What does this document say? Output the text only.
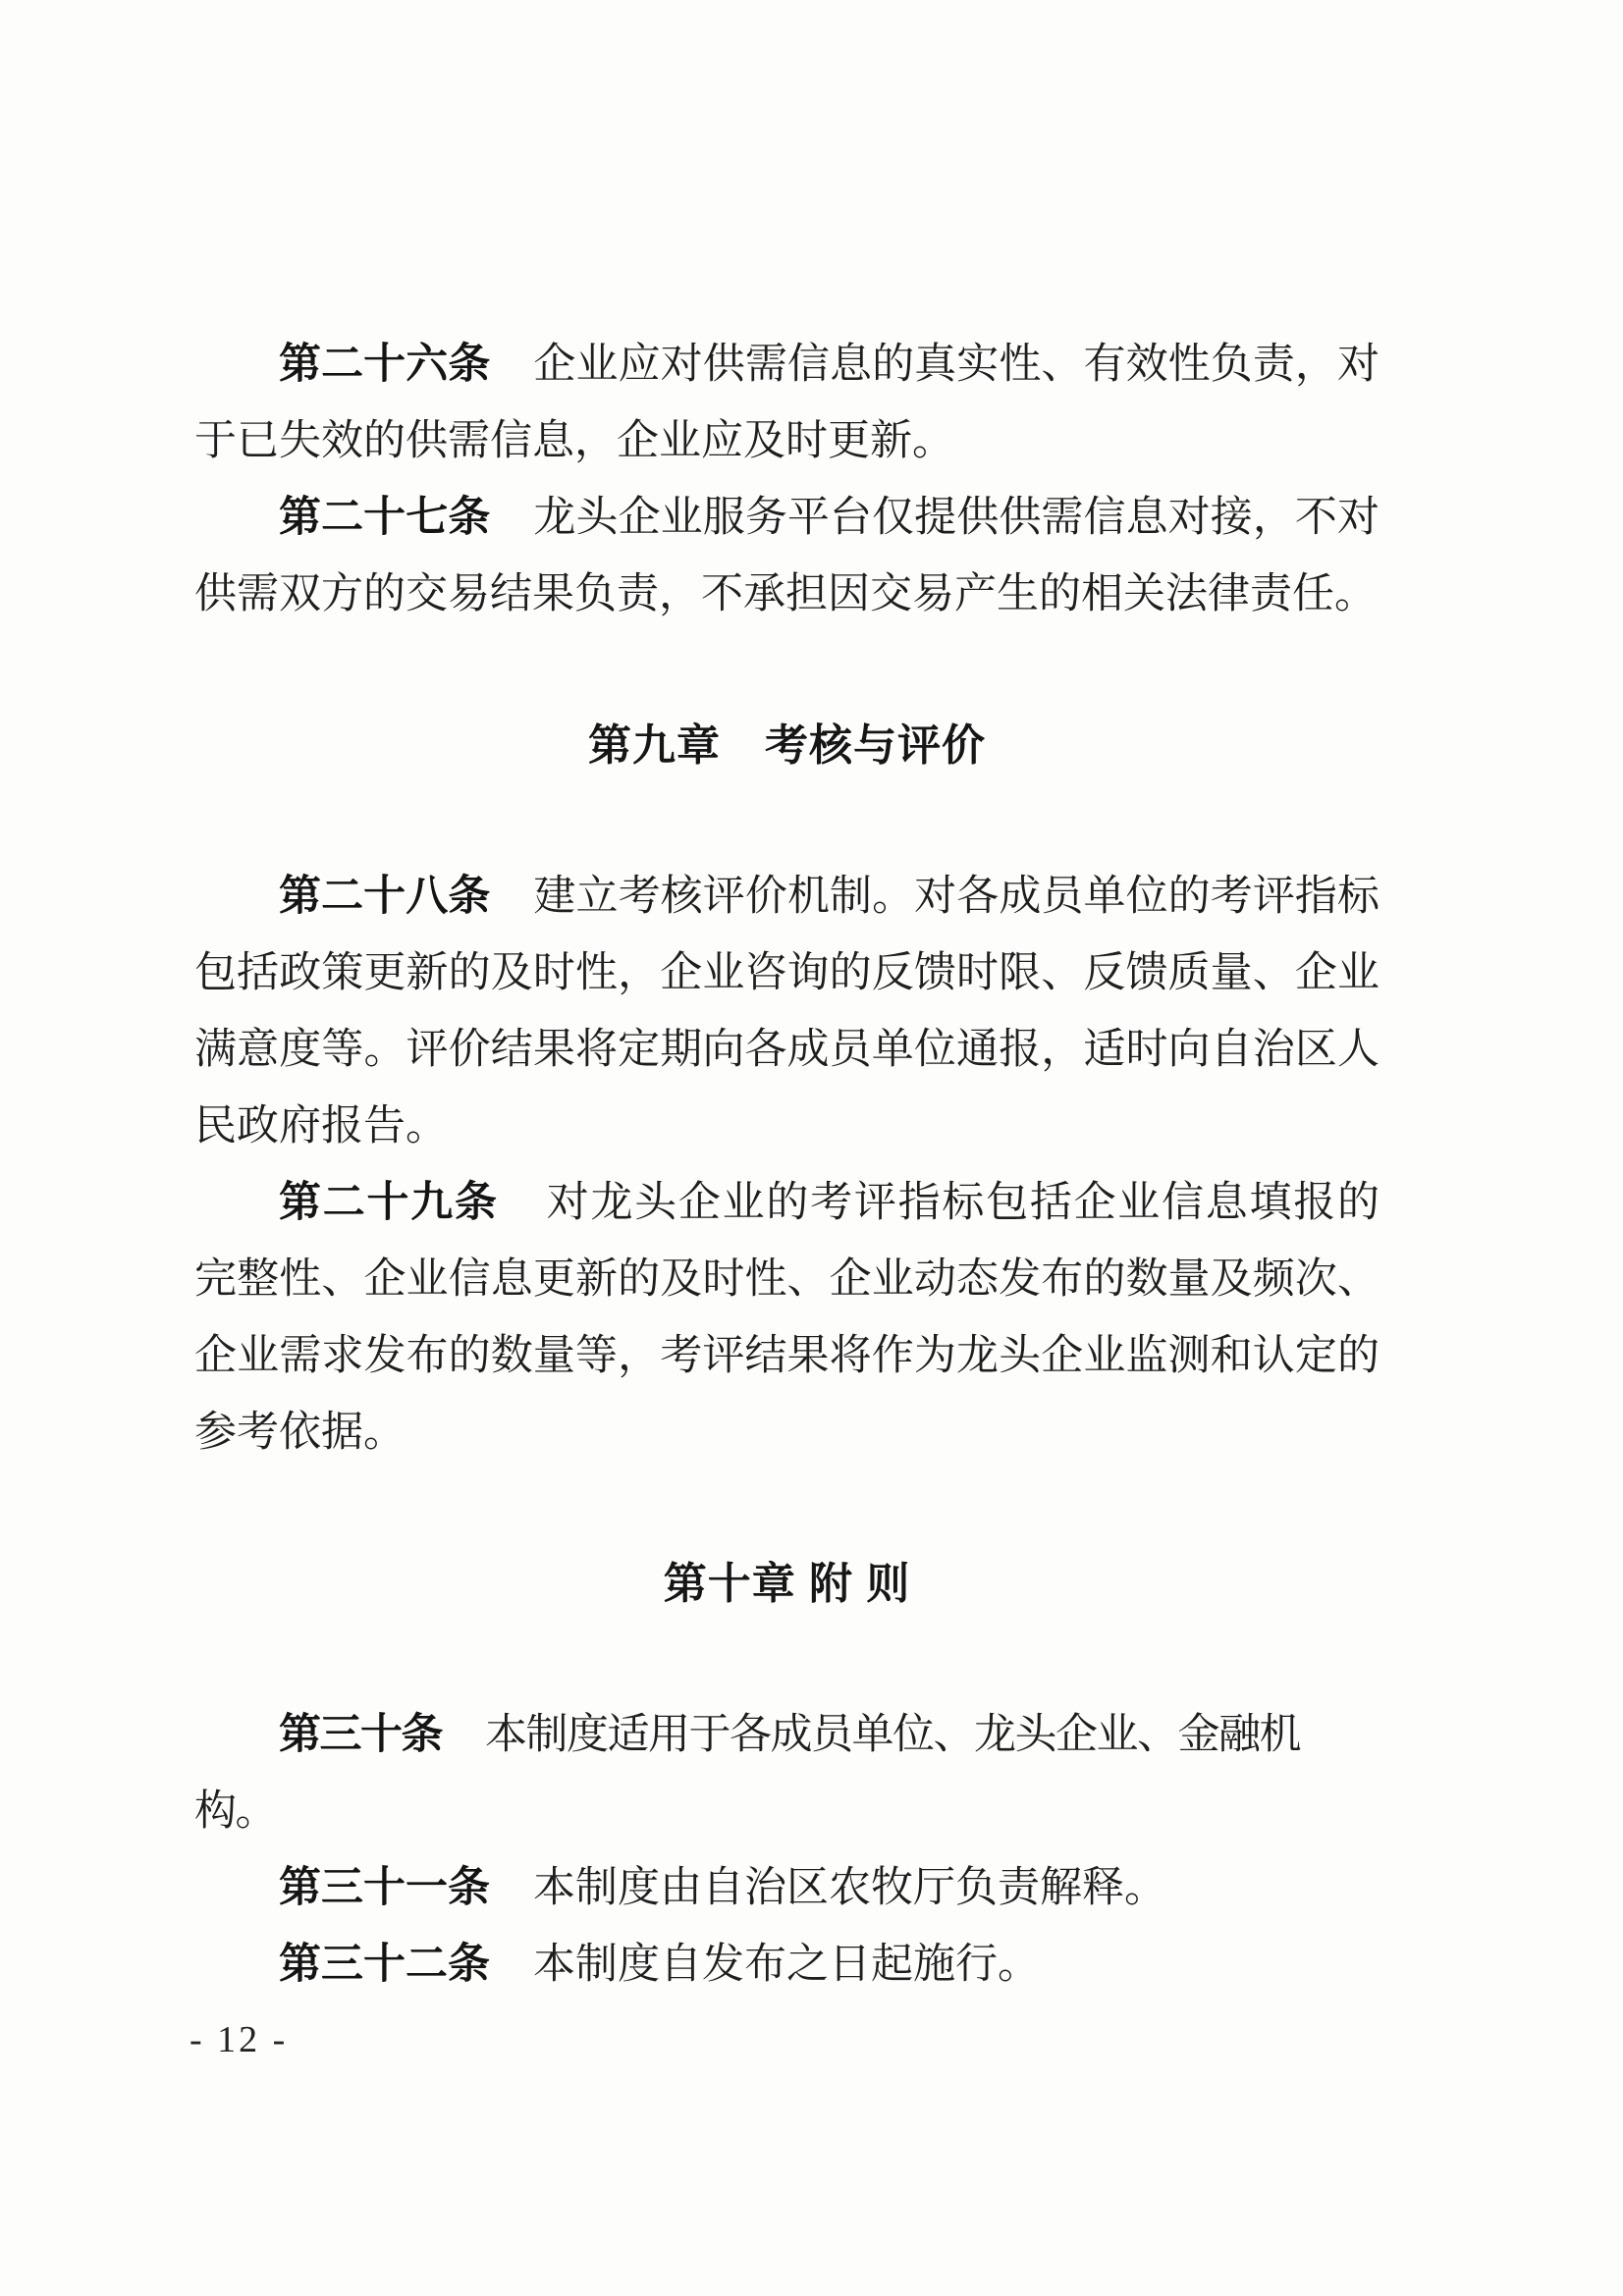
第二十六条 企业应对供需信息的真实性、有效性负责，对于已失效的供需信息，企业应及时更新。

第二十七条 龙头企业服务平台仅提供供需信息对接，不对供需双方的交易结果负责，不承担因交易产生的相关法律责任。

第九章　考核与评价

第二十八条 建立考核评价机制。对各成员单位的考评指标包括政策更新的及时性，企业咨询的反馈时限、反馈质量、企业满意度等。评价结果将定期向各成员单位通报，适时向自治区人民政府报告。

第二十九条 对龙头企业的考评指标包括企业信息填报的完整性、企业信息更新的及时性、企业动态发布的数量及频次、企业需求发布的数量等，考评结果将作为龙头企业监测和认定的参考依据。

第十章 附 则

第三十条 本制度适用于各成员单位、龙头企业、金融机构。

第三十一条 本制度由自治区农牧厅负责解释。

第三十二条 本制度自发布之日起施行。

- 12 -
